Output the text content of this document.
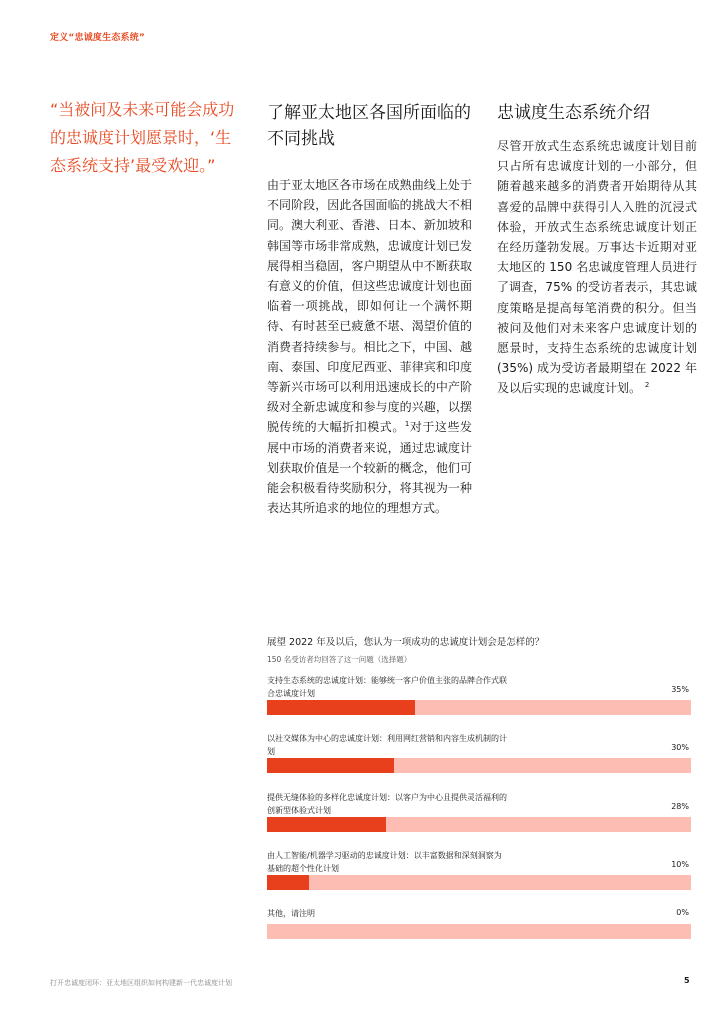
定义“忠诚度生态系统”
“当被问及未来可能会成功的忠诚度计划愿景时，‘生态系统支持’最受欢迎。”
了解亚太地区各国所面临的不同挑战
由于亚太地区各市场在成熟曲线上处于不同阶段，因此各国面临的挑战大不相同。澳大利亚、香港、日本、新加坡和韩国等市场非常成熟，忠诚度计划已发展得相当稳固，客户期望从中不断获取有意义的价值，但这些忠诚度计划也面临着一项挑战，即如何让一个满怀期待、有时甚至已疲惫不堪、渴望价值的消费者持续参与。相比之下，中国、越南、泰国、印度尼西亚、菲律宾和印度等新兴市场可以利用迅速成长的中产阶级对全新忠诚度和参与度的兴趣，以摆脱传统的大幅折扣模式。$^1$对于这些发展中市场的消费者来说，通过忠诚度计划获取价值是一个较新的概念，他们可能会积极看待奖励积分，将其视为一种表达其所追求的地位的理想方式。
忠诚度生态系统介绍
尽管开放式生态系统忠诚度计划目前只占所有忠诚度计划的一小部分，但随着越来越多的消费者开始期待从其喜爱的品牌中获得引人入胜的沉浸式体验，开放式生态系统忠诚度计划正在经历蓬勃发展。万事达卡近期对亚太地区的 150 名忠诚度管理人员进行了调查，75% 的受访者表示，其忠诚度策略是提高每笔消费的积分。但当被问及他们对未来客户忠诚度计划的愿景时，支持生态系统的忠诚度计划 (35%) 成为受访者最期望在 2022 年及以后实现的忠诚度计划。 $^2$
展望 2022 年及以后，您认为一项成功的忠诚度计划会是怎样的？
150 名受访者均回答了这一问题（选择题）
支持生态系统的忠诚度计划：能够统一客户价值主张的品牌合作式联合忠诚度计划	35%
以社交媒体为中心的忠诚度计划：利用网红营销和内容生成机制的计划	30%
提供无缝体验的多样化忠诚度计划：以客户为中心且提供灵活福利的创新型体验式计划	28%
由人工智能/机器学习驱动的忠诚度计划：以丰富数据和深刻洞察为基础的超个性化计划	10%
其他，请注明	0%
打开忠诚度闭环：亚太地区组织如何构建新一代忠诚度计划	5
